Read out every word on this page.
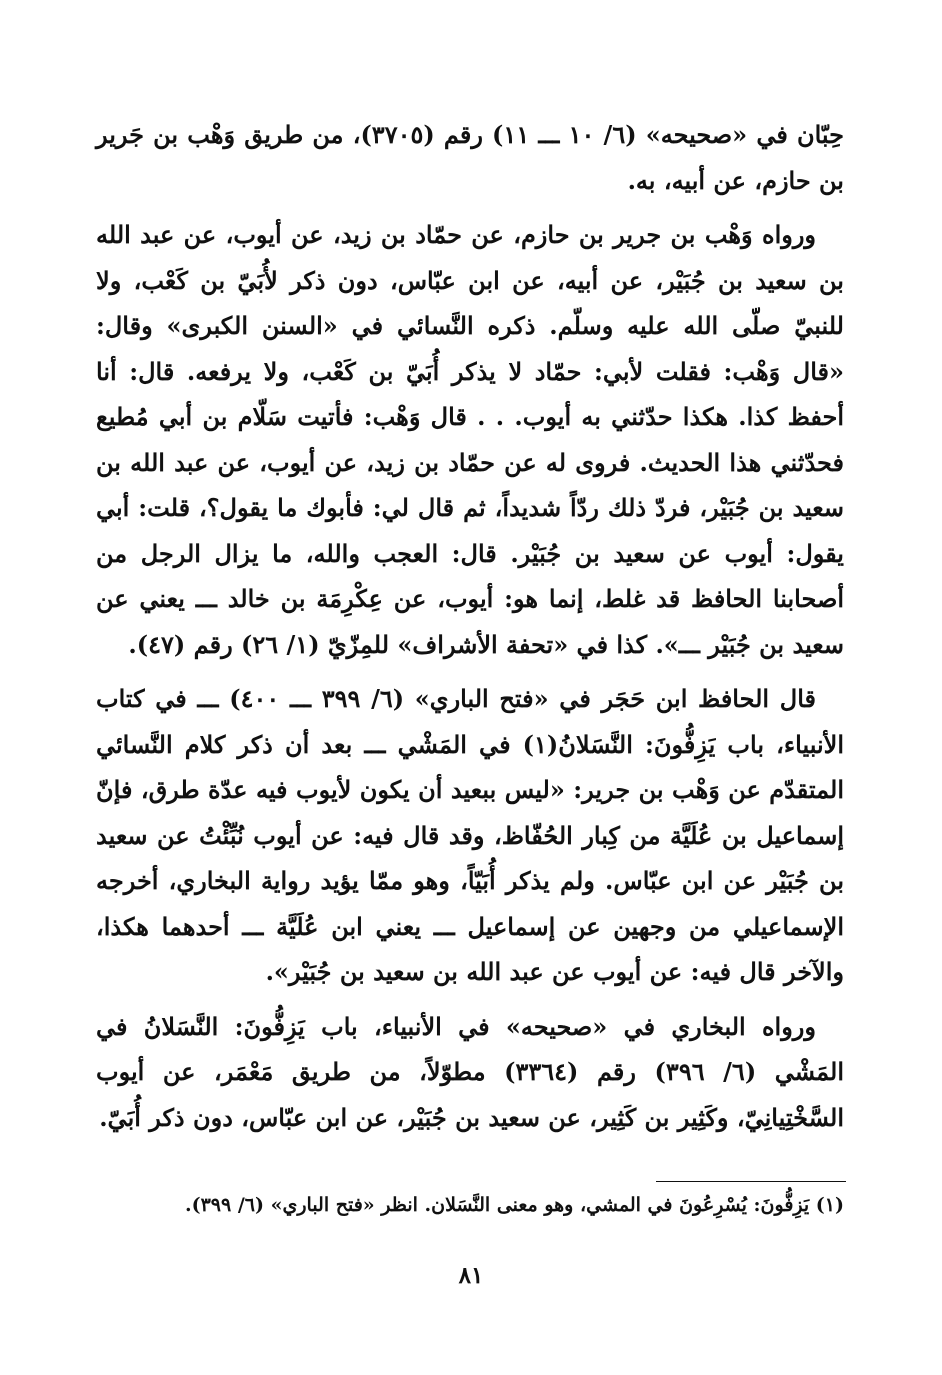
حِبّان في «صحيحه» (٦/ ١٠ ـــ ١١) رقم (٣٧٠٥)، من طريق وَهْب بن جَرير بن حازم، عن أبيه، به.

ورواه وَهْب بن جرير بن حازم، عن حمّاد بن زيد، عن أيوب، عن عبد الله بن سعيد بن جُبَيْر، عن أبيه، عن ابن عبّاس، دون ذكر لأُبَيّ بن كَعْب، ولا للنبيّ صلّى الله عليه وسلّم. ذكره النَّسائي في «السنن الكبرى» وقال: «قال وَهْب: فقلت لأبي: حمّاد لا يذكر أُبَيّ بن كَعْب، ولا يرفعه. قال: أنا أحفظ كذا. هكذا حدّثني به أيوب. . . قال وَهْب: فأتيت سَلّام بن أبي مُطيع فحدّثني هذا الحديث. فروى له عن حمّاد بن زيد، عن أيوب، عن عبد الله بن سعيد بن جُبَيْر، فردّ ذلك ردّاً شديداً، ثم قال لي: فأبوك ما يقول؟، قلت: أبي يقول: أيوب عن سعيد بن جُبَيْر. قال: العجب والله، ما يزال الرجل من أصحابنا الحافظ قد غلط، إنما هو: أيوب، عن عِكْرِمَة بن خالد ـــ يعني عن سعيد بن جُبَيْر ـــ». كذا في «تحفة الأشراف» للمِزّيّ (١/ ٢٦) رقم (٤٧).

قال الحافظ ابن حَجَر في «فتح الباري» (٦/ ٣٩٩ ـــ ٤٠٠) ـــ في كتاب الأنبياء، باب يَزِفُّونَ: النَّسَلانُ(١) في المَشْي ـــ بعد أن ذكر كلام النَّسائي المتقدّم عن وَهْب بن جرير: «ليس ببعيد أن يكون لأيوب فيه عدّة طرق، فإنّ إسماعيل بن عُلَيَّة من كِبار الحُفّاظ، وقد قال فيه: عن أيوب نُبِّئْتُ عن سعيد بن جُبَيْر عن ابن عبّاس. ولم يذكر أُبَيّاً، وهو ممّا يؤيد رواية البخاري، أخرجه الإسماعيلي من وجهين عن إسماعيل ـــ يعني ابن عُلَيَّة ـــ أحدهما هكذا، والآخر قال فيه: عن أيوب عن عبد الله بن سعيد بن جُبَيْر».

ورواه البخاري في «صحيحه» في الأنبياء، باب يَزِفُّونَ: النَّسَلانُ في المَشْي (٦/ ٣٩٦) رقم (٣٣٦٤) مطوّلاً، من طريق مَعْمَر، عن أيوب السَّخْتِيانِيّ، وكَثِير بن كَثِير، عن سعيد بن جُبَيْر، عن ابن عبّاس، دون ذكر أُبَيّ.

(١) يَزِفُّونَ: يُسْرِعُونَ في المشي، وهو معنى النَّسَلان. انظر «فتح الباري» (٦/ ٣٩٩).
٨١
